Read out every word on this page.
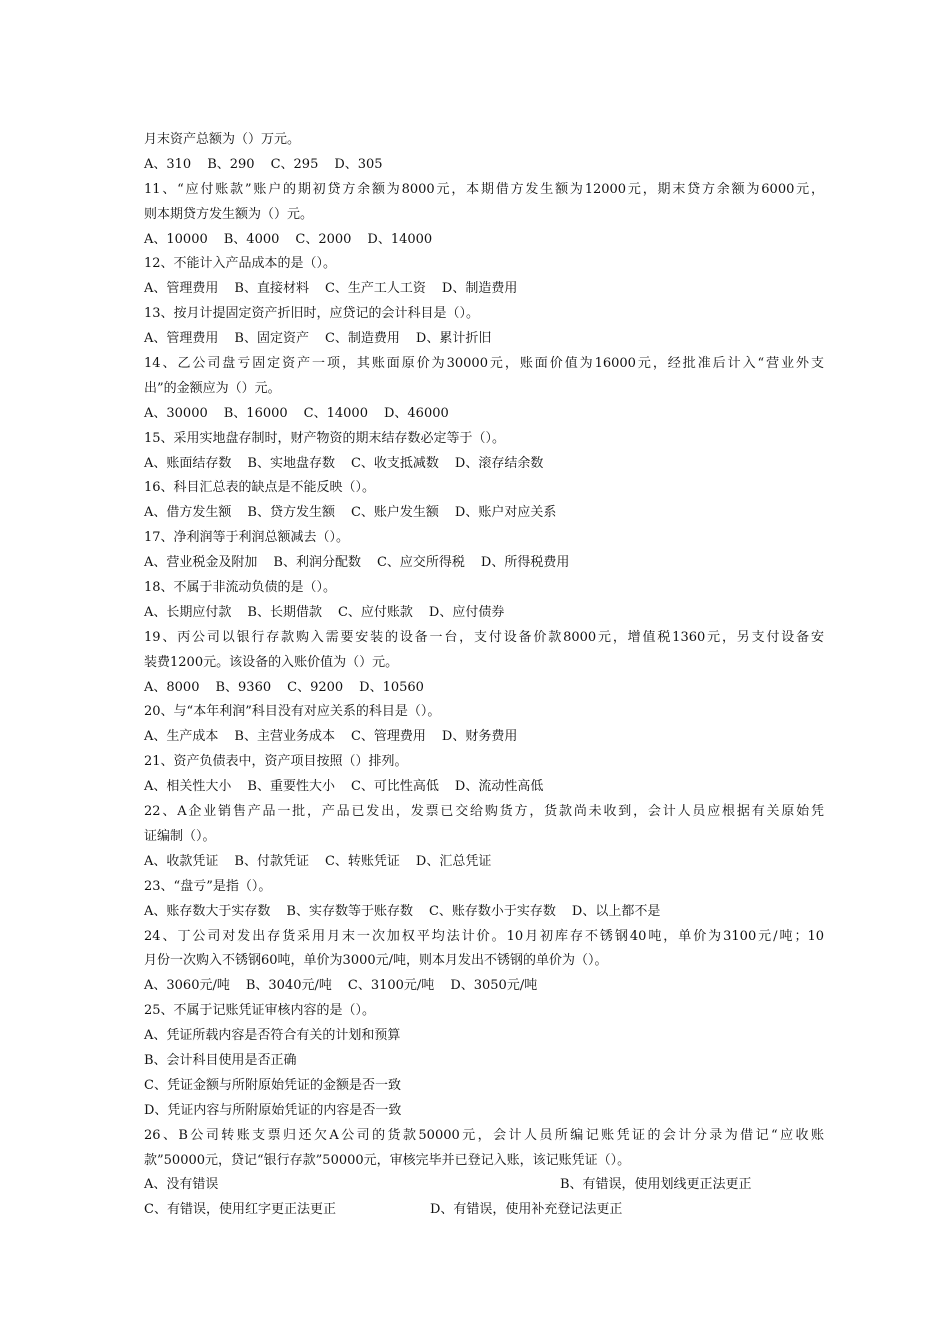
月末资产总额为（）万元。
A、310 B、290 C、295 D、305
11、“应付账款”账户的期初贷方余额为8000元，本期借方发生额为12000元，期末贷方余额为6000元，
则本期贷方发生额为（）元。
A、10000 B、4000 C、2000 D、14000
12、不能计入产品成本的是（）。
A、管理费用 B、直接材料 C、生产工人工资 D、制造费用
13、按月计提固定资产折旧时，应贷记的会计科目是（）。
A、管理费用 B、固定资产 C、制造费用 D、累计折旧
14、乙公司盘亏固定资产一项，其账面原价为30000元，账面价值为16000元，经批准后计入“营业外支
出”的金额应为（）元。
A、30000 B、16000 C、14000 D、46000
15、采用实地盘存制时，财产物资的期末结存数必定等于（）。
A、账面结存数 B、实地盘存数 C、收支抵减数 D、滚存结余数
16、科目汇总表的缺点是不能反映（）。
A、借方发生额 B、贷方发生额 C、账户发生额 D、账户对应关系
17、净利润等于利润总额减去（）。
A、营业税金及附加 B、利润分配数 C、应交所得税 D、所得税费用
18、不属于非流动负债的是（）。
A、长期应付款 B、长期借款 C、应付账款 D、应付债券
19、丙公司以银行存款购入需要安装的设备一台，支付设备价款8000元，增值税1360元，另支付设备安
装费1200元。该设备的入账价值为（）元。
A、8000 B、9360 C、9200 D、10560
20、与“本年利润”科目没有对应关系的科目是（）。
A、生产成本 B、主营业务成本 C、管理费用 D、财务费用
21、资产负债表中，资产项目按照（）排列。
A、相关性大小 B、重要性大小 C、可比性高低 D、流动性高低
22、A企业销售产品一批，产品已发出，发票已交给购货方，货款尚未收到，会计人员应根据有关原始凭
证编制（）。
A、收款凭证 B、付款凭证 C、转账凭证 D、汇总凭证
23、“盘亏”是指（）。
A、账存数大于实存数 B、实存数等于账存数 C、账存数小于实存数 D、以上都不是
24、丁公司对发出存货采用月末一次加权平均法计价。10月初库存不锈钢40吨，单价为3100元/吨；10
月份一次购入不锈钢60吨，单价为3000元/吨，则本月发出不锈钢的单价为（）。
A、3060元/吨 B、3040元/吨 C、3100元/吨 D、3050元/吨
25、不属于记账凭证审核内容的是（）。
A、凭证所载内容是否符合有关的计划和预算
B、会计科目使用是否正确
C、凭证金额与所附原始凭证的金额是否一致
D、凭证内容与所附原始凭证的内容是否一致
26、B公司转账支票归还欠A公司的货款50000元，会计人员所编记账凭证的会计分录为借记“应收账
款”50000元，贷记“银行存款”50000元，审核完毕并已登记入账，该记账凭证（）。
A、没有错误	B、有错误，使用划线更正法更正
C、有错误，使用红字更正法更正	D、有错误，使用补充登记法更正
